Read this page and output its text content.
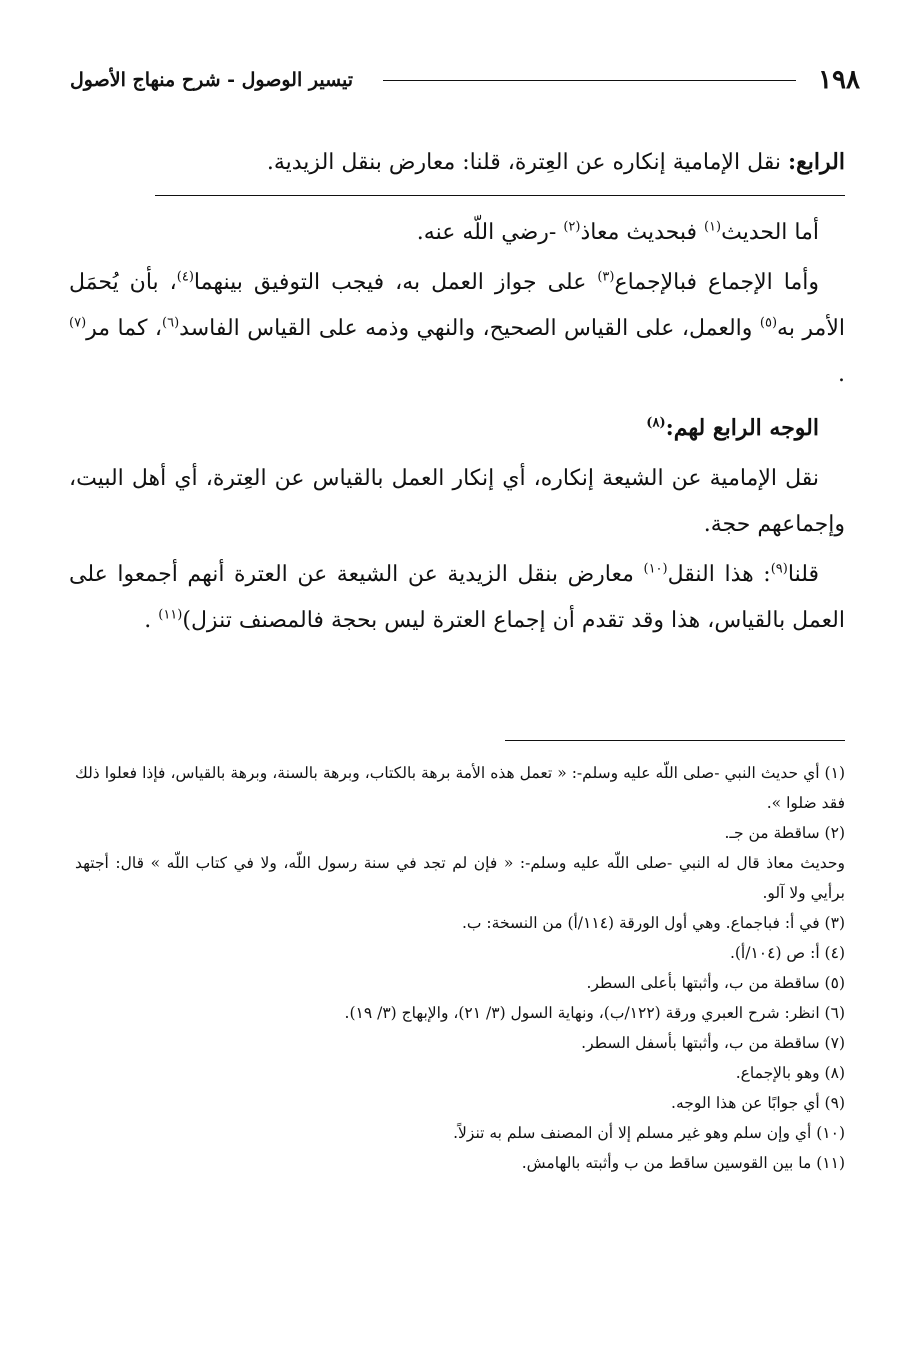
تيسير الوصول - شرح منهاج الأصول	١٩٨

الرابع: نقل الإمامية إنكاره عن العِترة، قلنا: معارض بنقل الزيدية.

أما الحديث$^{(١)}$ فبحديث معاذ$^{(٢)}$ -رضي اللّه عنه.

وأما الإجماع فبالإجماع$^{(٣)}$ على جواز العمل به، فيجب التوفيق بينهما$^{(٤)}$، بأن يُحمَل الأمر به$^{(٥)}$ والعمل، على القياس الصحيح، والنهي وذمه على القياس الفاسد$^{(٦)}$، كما مر$^{(٧)}$ .

الوجه الرابع لهم:$^{(٨)}$

نقل الإمامية عن الشيعة إنكاره، أي إنكار العمل بالقياس عن العِترة، أي أهل البيت، وإجماعهم حجة.

قلنا$^{(٩)}$: هذا النقل$^{(١٠)}$ معارض بنقل الزيدية عن الشيعة عن العترة أنهم أجمعوا على العمل بالقياس، هذا وقد تقدم أن إجماع العترة ليس بحجة فالمصنف تنزل)$^{(١١)}$ .

(١) أي حديث النبي -صلى اللّه عليه وسلم-: « تعمل هذه الأمة برهة بالكتاب، وبرهة بالسنة، وبرهة بالقياس، فإذا فعلوا ذلك فقد ضلوا ».

(٢) ساقطة من جـ.

وحديث معاذ قال له النبي -صلى اللّه عليه وسلم-: « فإن لم تجد في سنة رسول اللّه، ولا في كتاب اللّه » قال: أجتهد برأيي ولا آلو.

(٣) في أ: فباجماع. وهي أول الورقة (١١٤/أ) من النسخة: ب.

(٤) أ: ص (١٠٤/أ).

(٥) ساقطة من ب، وأثبتها بأعلى السطر.

(٦) انظر: شرح العبري ورقة (١٢٢/ب)، ونهاية السول (٣/ ٢١)، والإبهاج (٣/ ١٩).

(٧) ساقطة من ب، وأثبتها بأسفل السطر.

(٨) وهو بالإجماع.

(٩) أي جوابًا عن هذا الوجه.

(١٠) أي وإن سلم وهو غير مسلم إلا أن المصنف سلم به تنزلاً.

(١١) ما بين القوسين ساقط من ب وأثبته بالهامش.
